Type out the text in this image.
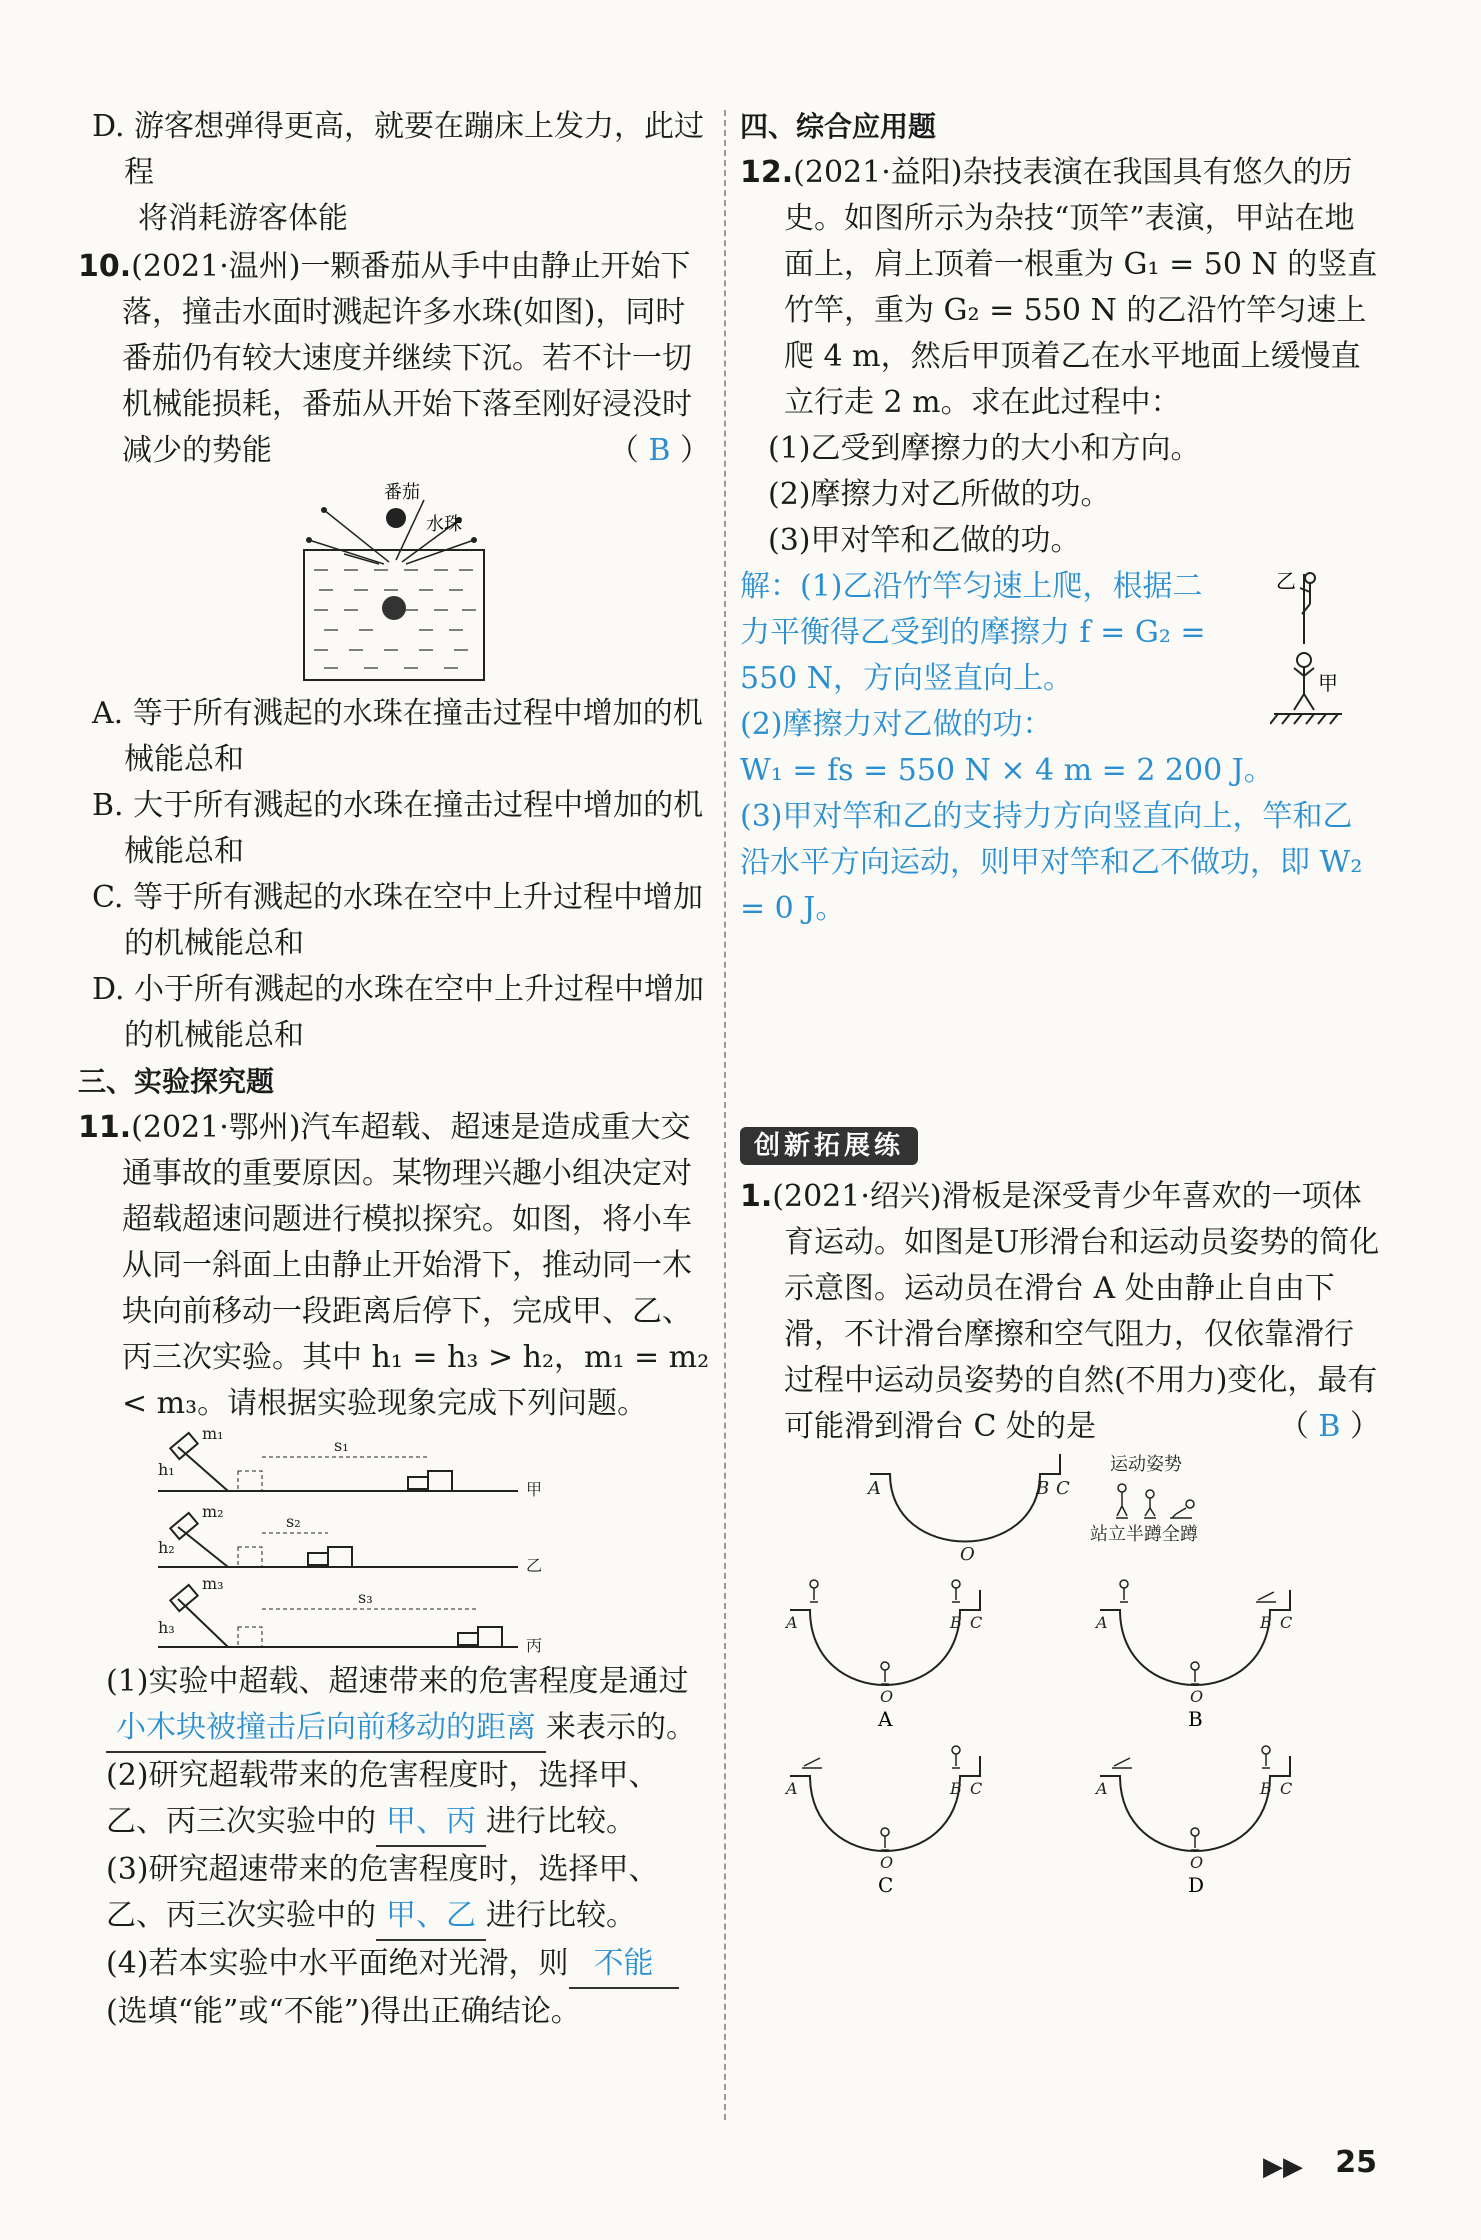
D. 游客想弹得更高，就要在蹦床上发力，此过程
将消耗游客体能

10.(2021·温州)一颗番茄从手中由静止开始下落，撞击水面时溅起许多水珠(如图)，同时番茄仍有较大速度并继续下沉。若不计一切机械能损耗，番茄从开始下落至刚好浸没时减少的势能	（ B ）

番茄
水珠

A. 等于所有溅起的水珠在撞击过程中增加的机械能总和

B. 大于所有溅起的水珠在撞击过程中增加的机械能总和

C. 等于所有溅起的水珠在空中上升过程中增加的机械能总和

D. 小于所有溅起的水珠在空中上升过程中增加的机械能总和

三、实验探究题

11.(2021·鄂州)汽车超载、超速是造成重大交通事故的重要原因。某物理兴趣小组决定对超载超速问题进行模拟探究。如图，将小车从同一斜面上由静止开始滑下，推动同一木块向前移动一段距离后停下，完成甲、乙、丙三次实验。其中 h₁ = h₃ > h₂，m₁ = m₂ < m₃。请根据实验现象完成下列问题。

m₁
h₁
s₁
甲
m₂
h₂
s₂
乙
m₃
h₃
s₃
丙

(1)实验中超载、超速带来的危害程度是通过小木块被撞击后向前移动的距离 来表示的。

(2)研究超载带来的危害程度时，选择甲、乙、丙三次实验中的 甲、丙 进行比较。

(3)研究超速带来的危害程度时，选择甲、乙、丙三次实验中的 甲、乙 进行比较。

(4)若本实验中水平面绝对光滑，则 不能(选填“能”或“不能”)得出正确结论。

四、综合应用题

12.(2021·益阳)杂技表演在我国具有悠久的历史。如图所示为杂技“顶竿”表演，甲站在地面上，肩上顶着一根重为 G₁ = 50 N 的竖直竹竿，重为 G₂ = 550 N 的乙沿竹竿匀速上爬 4 m，然后甲顶着乙在水平地面上缓慢直立行走 2 m。求在此过程中：

(1)乙受到摩擦力的大小和方向。

(2)摩擦力对乙所做的功。

(3)甲对竿和乙做的功。

乙
甲

解：(1)乙沿竹竿匀速上爬，根据二力平衡得乙受到的摩擦力 f = G₂ = 550 N，方向竖直向上。

(2)摩擦力对乙做的功：

W₁ = fs = 550 N × 4 m = 2 200 J。

(3)甲对竿和乙的支持力方向竖直向上，竿和乙沿水平方向运动，则甲对竿和乙不做功，即 W₂ = 0 J。

创新拓展练

1.(2021·绍兴)滑板是深受青少年喜欢的一项体育运动。如图是U形滑台和运动员姿势的简化示意图。运动员在滑台 A 处由静止自由下滑，不计滑台摩擦和空气阻力，仅依靠滑行过程中运动员姿势的自然(不用力)变化，最有可能滑到滑台 C 处的是	（ B ）

A	B C
O
运动姿势
站立半蹲全蹲
A	B C
O
A
A	B C
O
B
A	B C
O
C
A	B C
O
D
▶▶ 25
